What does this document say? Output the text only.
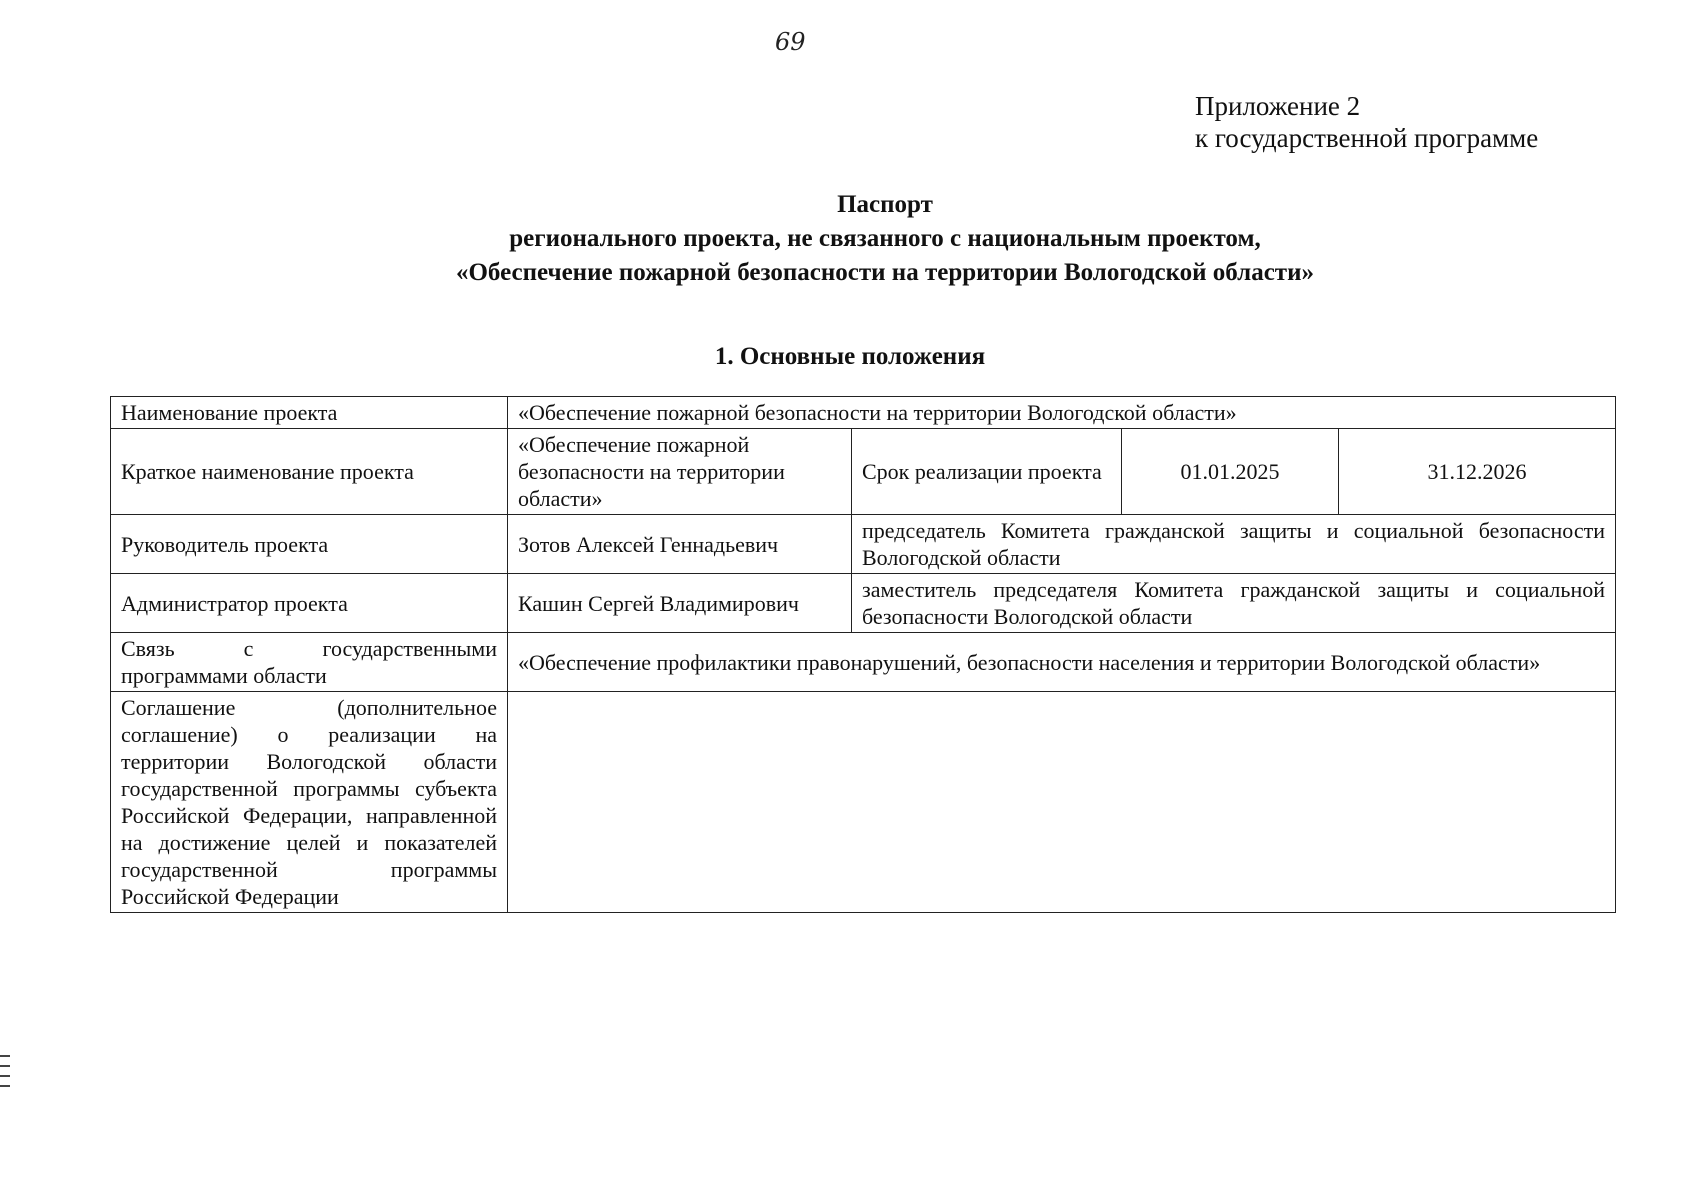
69
Приложение 2
к государственной программе
Паспорт
регионального проекта, не связанного с национальным проектом,
«Обеспечение пожарной безопасности на территории Вологодской области»
1. Основные положения
Наименование проекта	«Обеспечение пожарной безопасности на территории Вологодской области»			
Краткое наименование проекта	«Обеспечение пожарной безопасности на территории области»	Срок реализации проекта	01.01.2025	31.12.2026
Руководитель проекта	Зотов Алексей Геннадьевич	председатель Комитета гражданской защиты и социальной безопасности Вологодской области		
Администратор проекта	Кашин Сергей Владимирович	заместитель председателя Комитета гражданской защиты и социальной безопасности Вологодской области		
Связь с государственными программами области	«Обеспечение профилактики правонарушений, безопасности населения и территории Вологодской области»			
Соглашение (дополнительное соглашение) о реализации на территории Вологодской области государственной программы субъекта Российской Федерации, направленной на достижение целей и показателей государственной программы Российской Федерации				
